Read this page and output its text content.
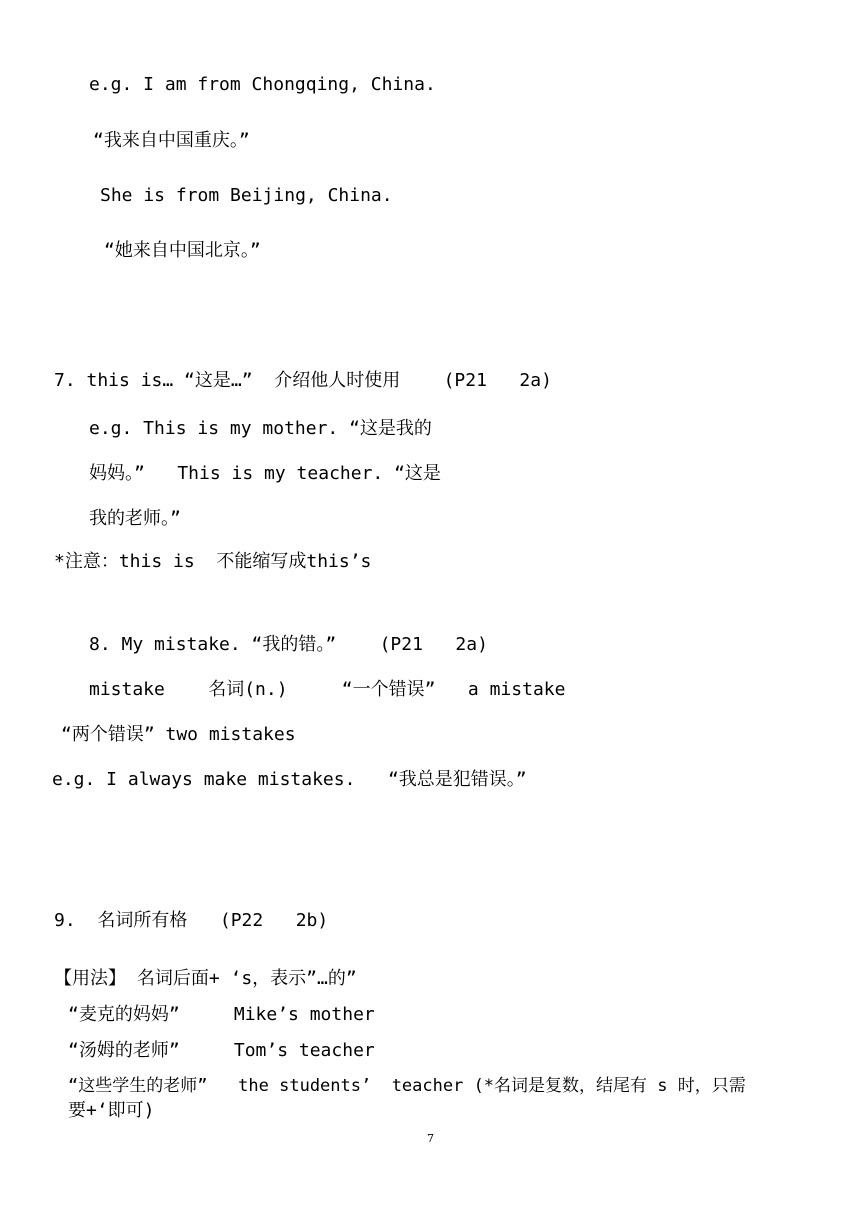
e.g. I am from Chongqing, China.
“我来自中国重庆。”
She is from Beijing, China.
“她来自中国北京。”
7. this is… “这是…”  介绍他人时使用    (P21   2a)
e.g. This is my mother. “这是我的
妈妈。”   This is my teacher. “这是
我的老师。”
*注意：this is  不能缩写成this’s
8. My mistake. “我的错。”    (P21   2a)
mistake    名词(n.)     “一个错误”   a mistake
“两个错误” two mistakes
e.g. I always make mistakes.   “我总是犯错误。”
9.  名词所有格   (P22   2b)
【用法】 名词后面+ ‘s，表示”…的”
“麦克的妈妈”     Mike’s mother
“汤姆的老师”     Tom’s teacher
“这些学生的老师”   the students’  teacher (*名词是复数，结尾有 s 时，只需
要+‘即可)
7
